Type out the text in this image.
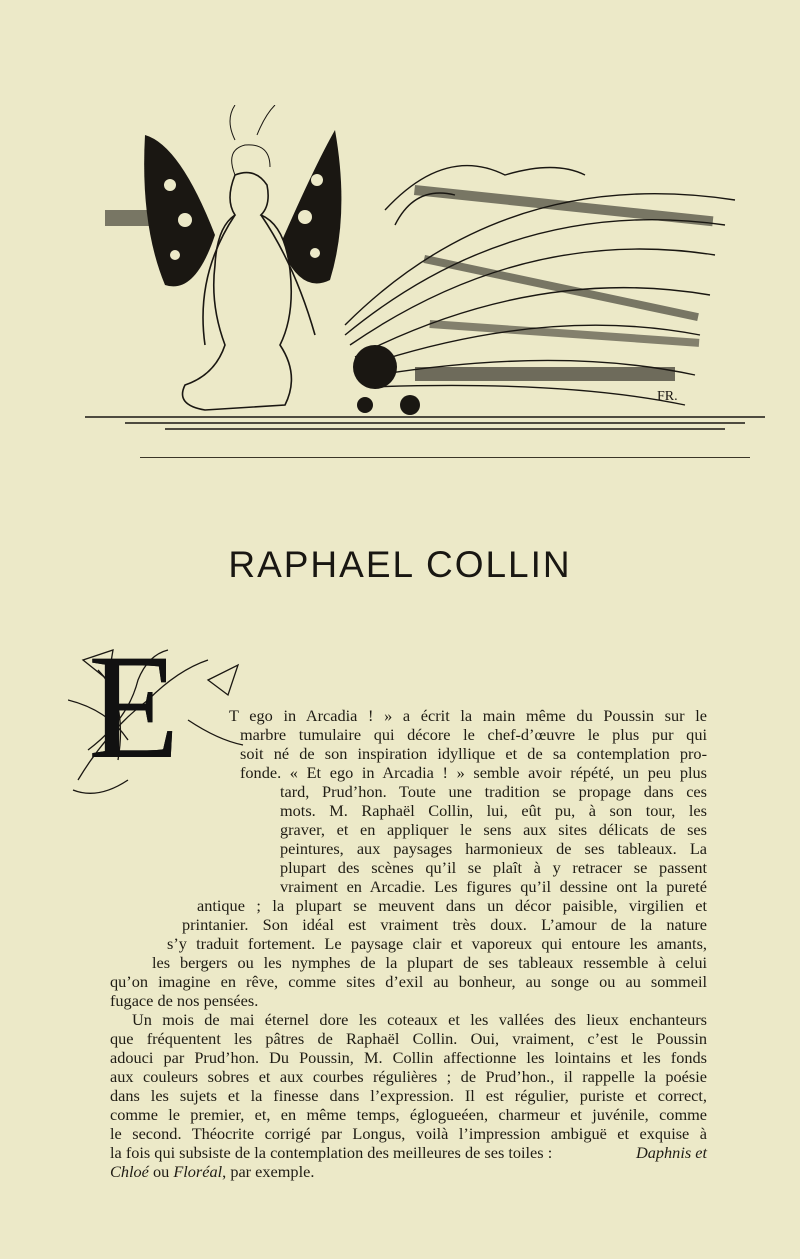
FR.
RAPHAEL COLLIN
E	T ego in Arcadia ! » a écrit la main même du Poussin sur le
marbre tumulaire qui décore le chef-d’œuvre le plus pur qui
soit né de son inspiration idyllique et de sa contemplation pro-
fonde. « Et ego in Arcadia ! » semble avoir répété, un peu plus
tard, Prud’hon. Toute une tradition se propage dans ces
mots. M. Raphaël Collin, lui, eût pu, à son tour, les
graver, et en appliquer le sens aux sites délicats de ses
peintures, aux paysages harmonieux de ses tableaux. La
plupart des scènes qu’il se plaît à y retracer se passent
vraiment en Arcadie. Les figures qu’il dessine ont la pureté
antique ; la plupart se meuvent dans un décor paisible, virgilien et
printanier. Son idéal est vraiment très doux. L’amour de la nature
s’y traduit fortement. Le paysage clair et vaporeux qui entoure les amants,
les bergers ou les nymphes de la plupart de ses tableaux ressemble à celui
qu’on imagine en rêve, comme sites d’exil au bonheur, au songe ou au sommeil
fugace de nos pensées.
Un mois de mai éternel dore les coteaux et les vallées des lieux enchanteurs
que fréquentent les pâtres de Raphaël Collin. Oui, vraiment, c’est le Poussin
adouci par Prud’hon. Du Poussin, M. Collin affectionne les lointains et les fonds
aux couleurs sobres et aux courbes régulières ; de Prud’hon., il rappelle la poésie
dans les sujets et la finesse dans l’expression. Il est régulier, puriste et correct,
comme le premier, et, en même temps, églogueéen, charmeur et juvénile, comme
le second. Théocrite corrigé par Longus, voilà l’impression ambiguë et exquise à
la fois qui subsiste de la contemplation des meilleures de ses toiles :	Daphnis et
Chloé ou Floréal, par exemple.
